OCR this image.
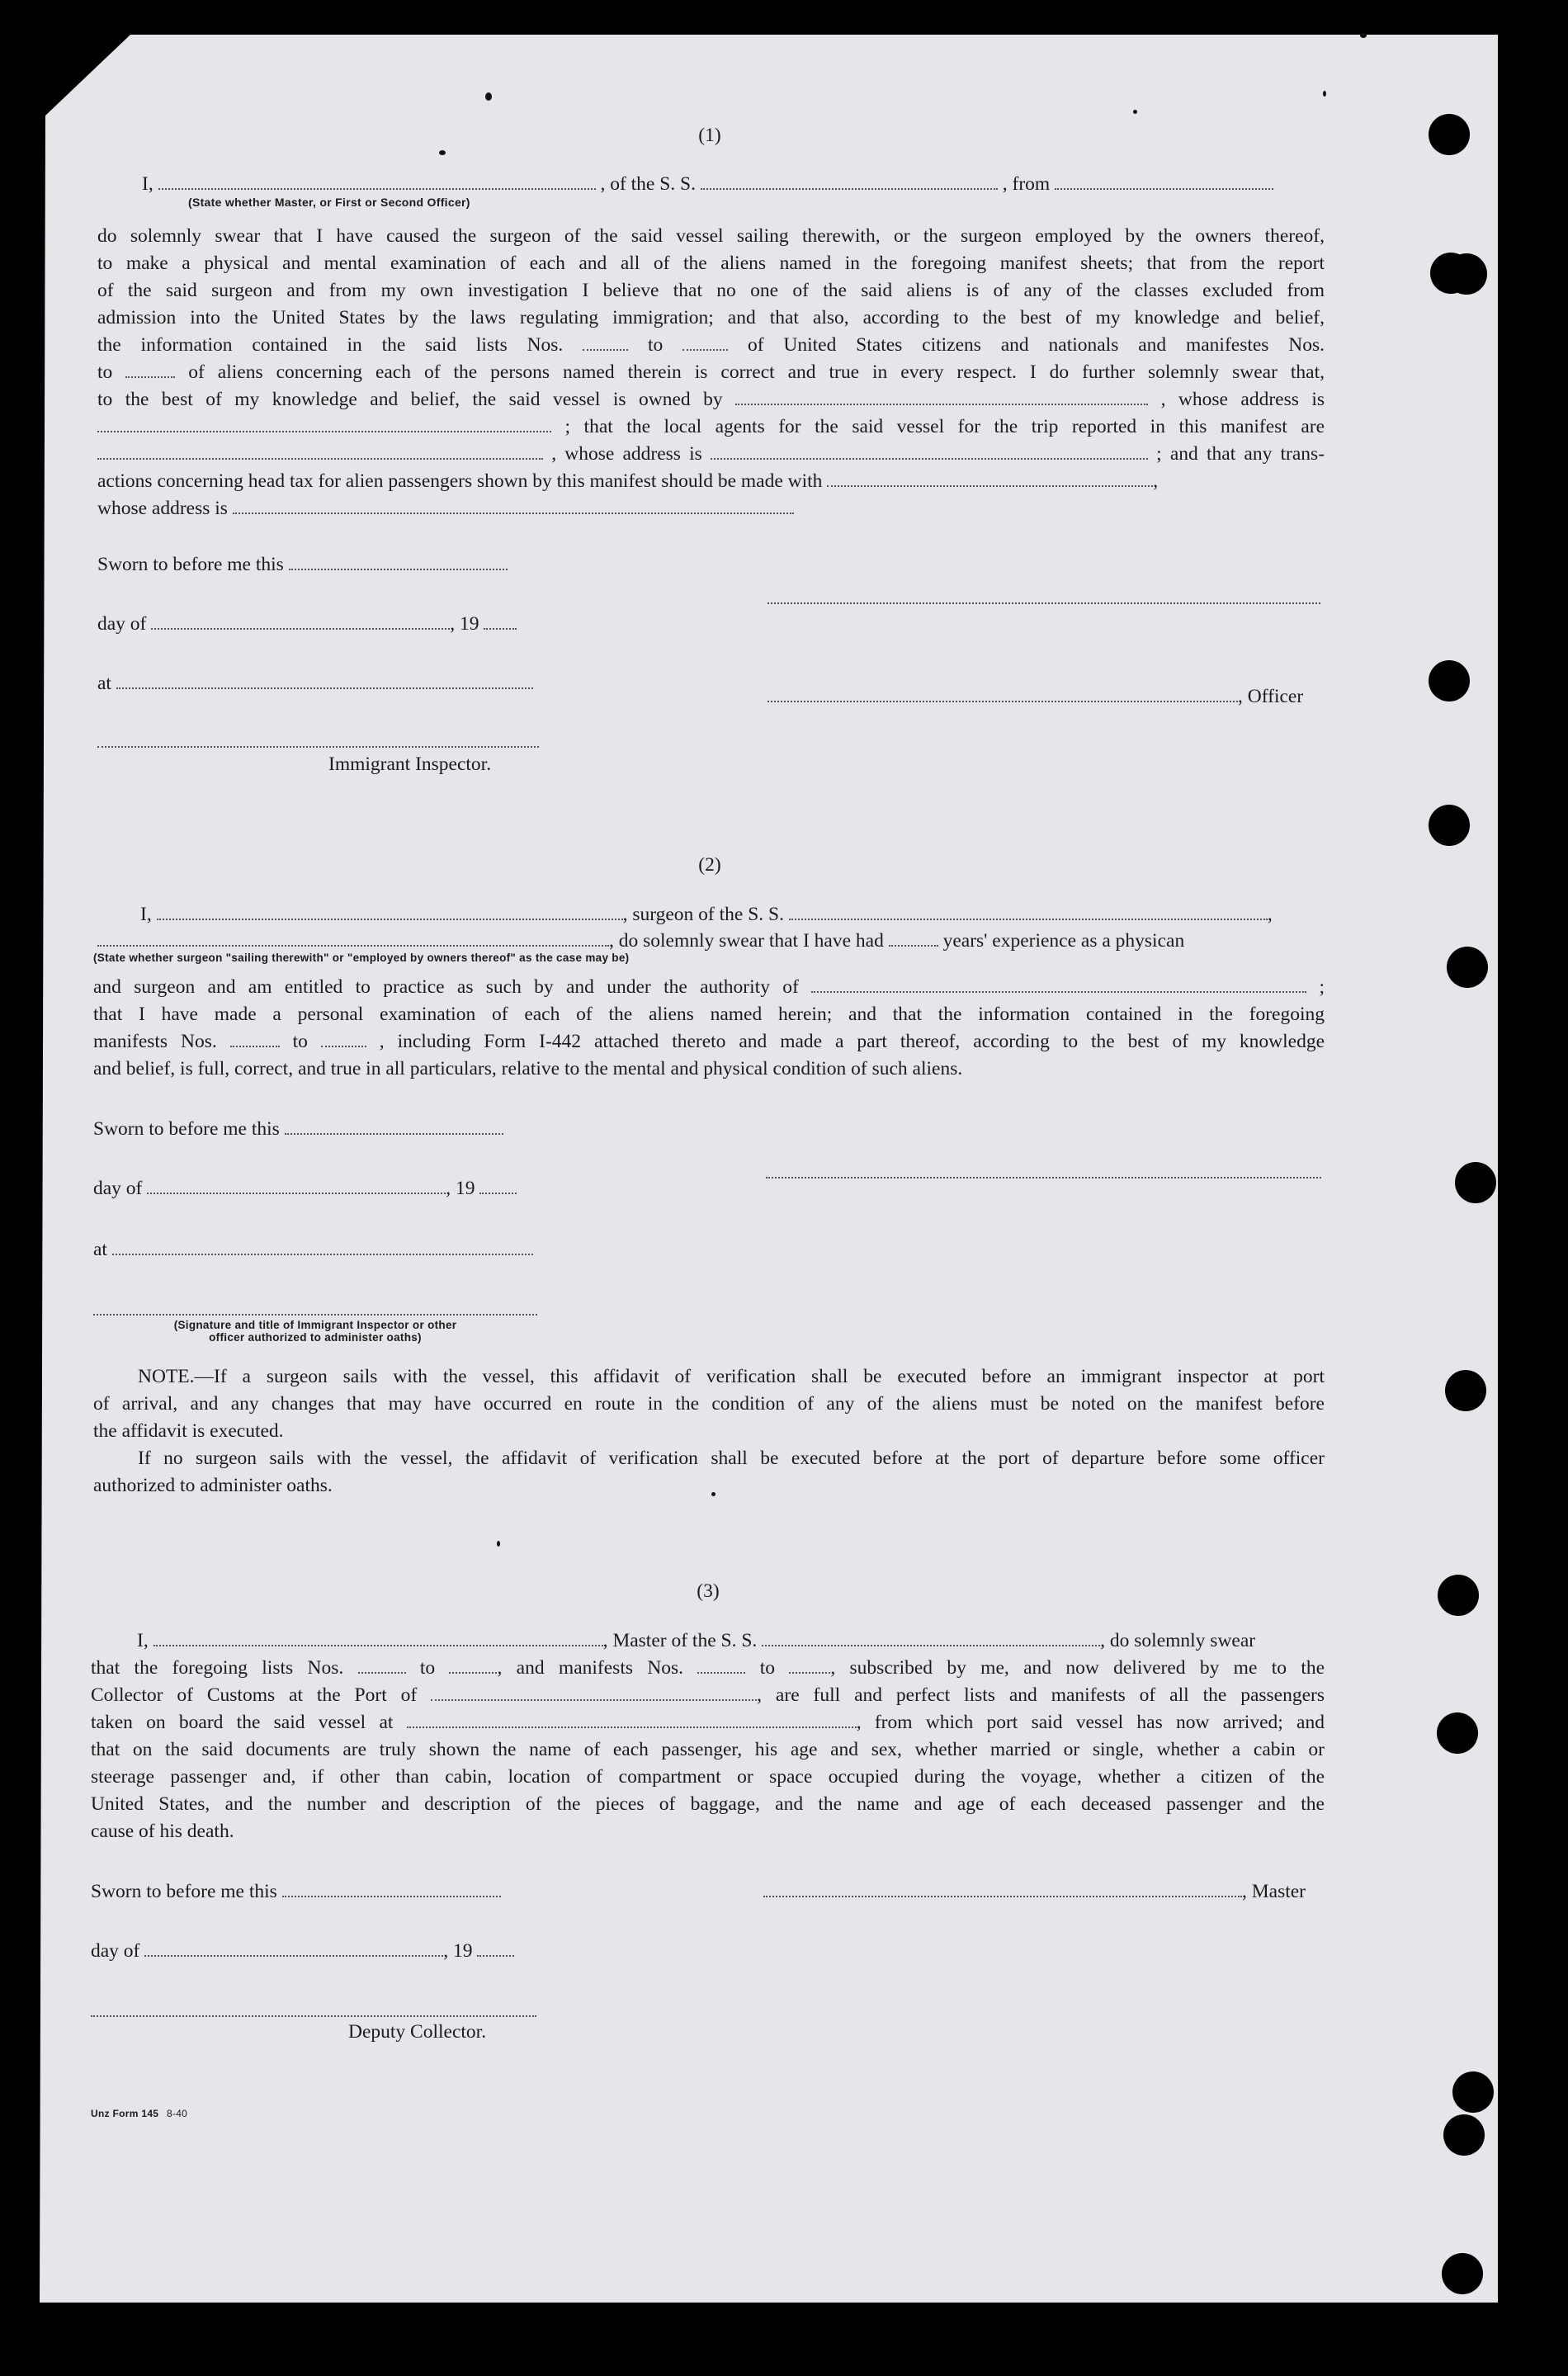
(1)
I,	, of the S. S.	, from
(State whether Master, or First or Second Officer)

do solemnly swear that I have caused the surgeon of the said vessel sailing therewith, or the surgeon employed by the owners thereof,

to make a physical and mental examination of each and all of the aliens named in the foregoing manifest sheets; that from the report

of the said surgeon and from my own investigation I believe that no one of the said aliens is of any of the classes excluded from

admission into the United States by the laws regulating immigration; and that also, according to the best of my knowledge and belief,

the information contained in the said lists Nos.	to	of United States citizens and nationals and manifestes Nos.

to	of aliens concerning each of the persons named therein is correct and true in every respect. I do further solemnly swear that,

to the best of my knowledge and belief, the said vessel is owned by	, whose address is

; that the local agents for the said vessel for the trip reported in this manifest are

, whose address is	; and that any trans-

actions concerning head tax for alien passengers shown by this manifest should be made with	,

whose address is

Sworn to before me this
day of	, 19
at
, Officer
Immigrant Inspector.
(2)
I,	, surgeon of the S. S.	,
, do solemnly swear that I have had	years' experience as a physican
(State whether surgeon "sailing therewith" or "employed by owners thereof" as the case may be)

and surgeon and am entitled to practice as such by and under the authority of	;

that I have made a personal examination of each of the aliens named herein; and that the information contained in the foregoing

manifests Nos.	to	, including Form I-442 attached thereto and made a part thereof, according to the best of my knowledge

and belief, is full, correct, and true in all particulars, relative to the mental and physical condition of such aliens.

Sworn to before me this
day of	, 19
at
(Signature and title of Immigrant Inspector or other
officer authorized to administer oaths)

NOTE.—If a surgeon sails with the vessel, this affidavit of verification shall be executed before an immigrant inspector at port

of arrival, and any changes that may have occurred en route in the condition of any of the aliens must be noted on the manifest before

the affidavit is executed.

If no surgeon sails with the vessel, the affidavit of verification shall be executed before at the port of departure before some officer

authorized to administer oaths.

(3)

I,	, Master of the S. S.	, do solemnly swear

that the foregoing lists Nos.	to	, and manifests Nos.	to	, subscribed by me, and now delivered by me to the

Collector of Customs at the Port of	, are full and perfect lists and manifests of all the passengers

taken on board the said vessel at	, from which port said vessel has now arrived; and

that on the said documents are truly shown the name of each passenger, his age and sex, whether married or single, whether a cabin or

steerage passenger and, if other than cabin, location of compartment or space occupied during the voyage, whether a citizen of the

United States, and the number and description of the pieces of baggage, and the name and age of each deceased passenger and the

cause of his death.

Sworn to before me this	, Master
day of	, 19
Deputy Collector.
Unz Form 145 8-40
